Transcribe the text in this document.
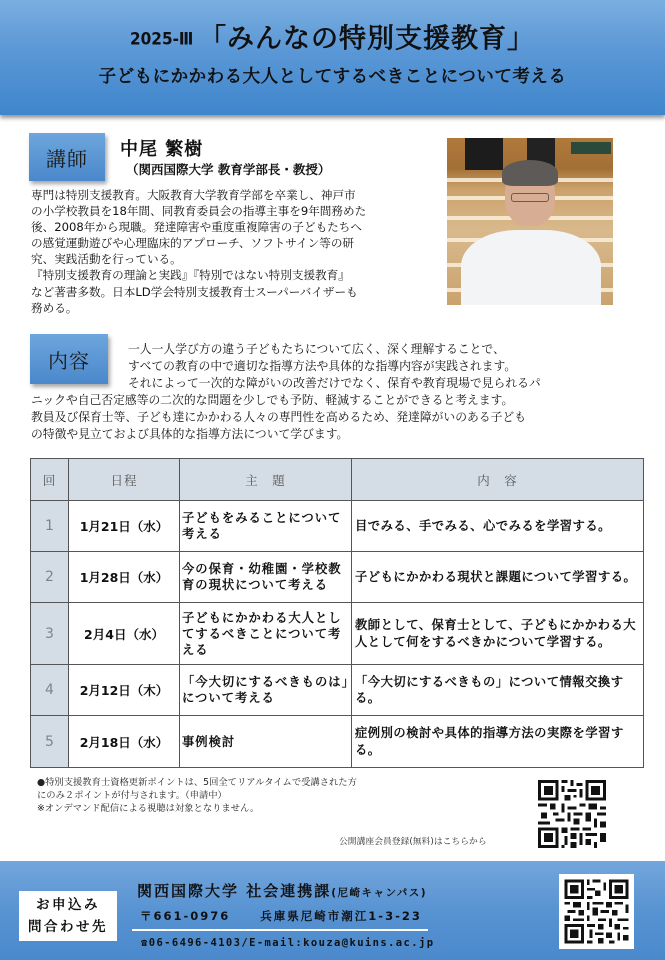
2025-Ⅲ 「みんなの特別支援教育」
子どもにかかわる大人としてするべきことについて考える
講師	中尾 繁樹
（関西国際大学 教育学部長・教授）

専門は特別支援教育。大阪教育大学教育学部を卒業し、神戸市

の小学校教員を18年間、同教育委員会の指導主事を9年間務めた

後、2008年から現職。発達障害や重度重複障害の子どもたちへ

の感覚運動遊びや心理臨床的アプローチ、ソフトサイン等の研

究、実践活動を行っている。

『特別支援教育の理論と実践』『特別ではない特別支援教育』

など著書多数。日本LD学会特別支援教育士スーパーバイザーも

務める。

内容	一人一人学び方の違う子どもたちについて広く、深く理解することで、

すべての教育の中で適切な指導方法や具体的な指導内容が実践されます。

それによって一次的な障がいの改善だけでなく、保育や教育現場で見られるパ

ニックや自己否定感等の二次的な問題を少しでも予防、軽減することができると考えます。

教員及び保育士等、子ども達にかかわる人々の専門性を高めるため、発達障がいのある子ども

の特徴や見立ておよび具体的な指導方法について学びます。

回	日程	主　題	内　容
1	1月21日（水）	子どもをみることについて考える	目でみる、手でみる、心でみるを学習する。
2	1月28日（水）	今の保育・幼稚園・学校教育の現状について考える	子どもにかかわる現状と課題について学習する。
3	2月4日（水）	子どもにかかわる大人としてするべきことについて考える	教師として、保育士として、子どもにかかわる大人として何をするべきかについて学習する。
4	2月12日（木）	「今大切にするべきものは」について考える	「今大切にするべきもの」について情報交換する。
5	2月18日（水）	事例検討	症例別の検討や具体的指導方法の実際を学習する。

●特別支援教育士資格更新ポイントは、5回全てリアルタイムで受講された方

にのみ２ポイントが付与されます。（申請中）

※オンデマンド配信による視聴は対象となりません。

公開講座会員登録(無料)はこちらから
お申込み
問合わせ先
関西国際大学 社会連携課(尼崎キャンパス)
〒661-0976	兵庫県尼崎市潮江1-3-23
☎06-6496-4103/E-mail:kouza@kuins.ac.jp
